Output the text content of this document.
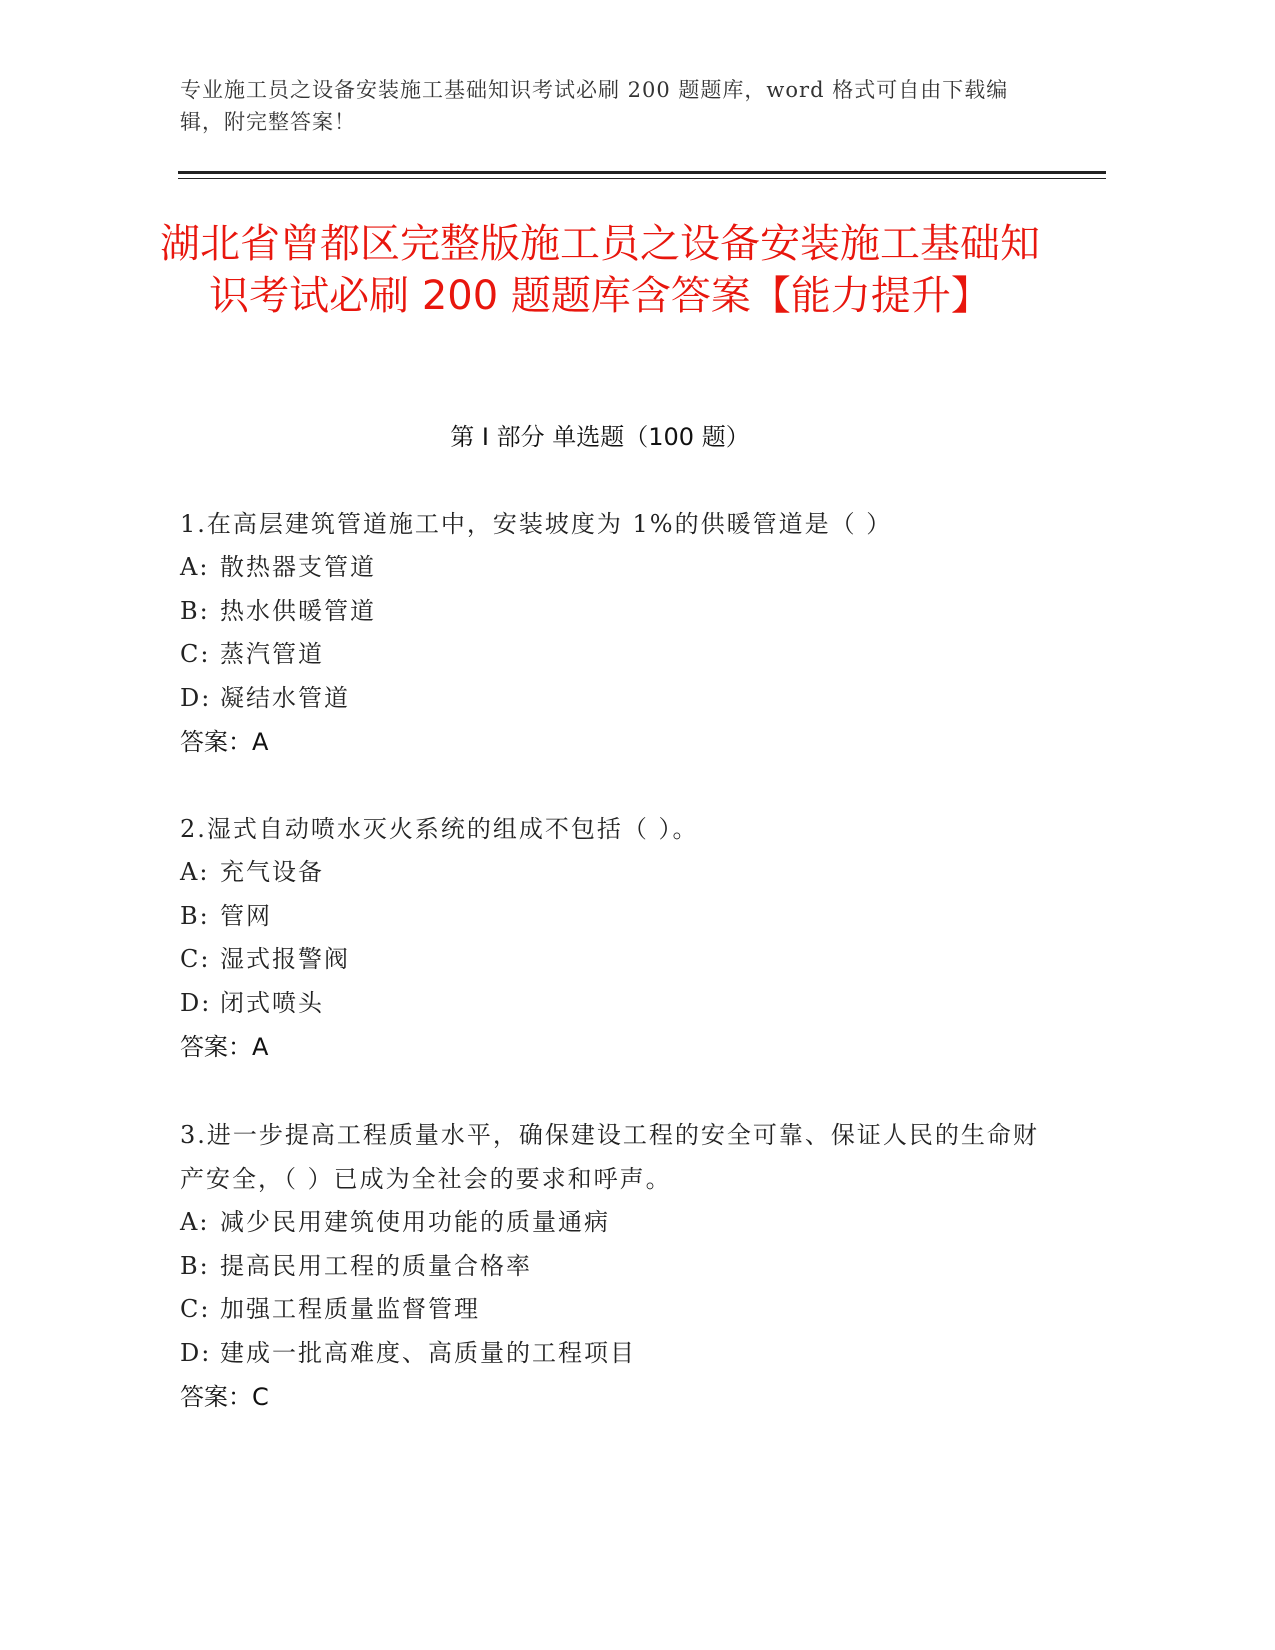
专业施工员之设备安装施工基础知识考试必刷 200 题题库，word 格式可自由下载编辑，附完整答案！
湖北省曾都区完整版施工员之设备安装施工基础知识考试必刷 200 题题库含答案【能力提升】
第 I 部分 单选题（100 题）
1.在高层建筑管道施工中，安装坡度为 1%的供暖管道是（ ）
A: 散热器支管道
B: 热水供暖管道
C: 蒸汽管道
D: 凝结水管道
答案：A
2.湿式自动喷水灭火系统的组成不包括（ ）。
A: 充气设备
B: 管网
C: 湿式报警阀
D: 闭式喷头
答案：A
3.进一步提高工程质量水平，确保建设工程的安全可靠、保证人民的生命财产安全，（ ）已成为全社会的要求和呼声。
A: 减少民用建筑使用功能的质量通病
B: 提高民用工程的质量合格率
C: 加强工程质量监督管理
D: 建成一批高难度、高质量的工程项目
答案：C
